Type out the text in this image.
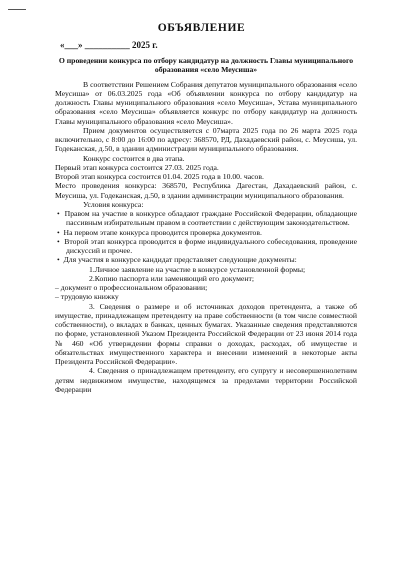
ОБЪЯВЛЕНИЕ
«___» __________ 2025 г.

О проведении конкурса по отбору кандидатур на должность Главы муниципального образования «село Меусиша»

В соответствии Решением Собрания депутатов муниципального образования «село Меусиша» от 06.03.2025 года «Об объявлении конкурса по отбору кандидатур на должность Главы муниципального образования «село Меусиша», Устава муниципального образования «село Меусиша» объявляется конкурс по отбору кандидатур на должность Главы муниципального образования «село Меусиша».

Прием документов осуществляется с 07марта 2025 года по 26 марта 2025 года включительно, с 8:00 до 16:00 по адресу: 368570, РД, Дахадаевский район, с. Меусиша, ул. Годеканская, д.50, в здании администрации муниципального образования.

Конкурс состоится в два этапа.

Первый этап конкурса состоится 27.03. 2025 года.

Второй этап конкурса состоится 01.04. 2025 года в 10.00. часов.

Место проведения конкурса: 368570, Республика Дагестан, Дахадаевский район, с. Меусиша, ул. Годеканская, д.50, в здании администрации муниципального образования.

Условия конкурса:

• Правом на участие в конкурсе обладают граждане Российской Федерации, обладающие пассивным избирательным правом в соответствии с действующим законодательством.

• На первом этапе конкурса проводится проверка документов.

• Второй этап конкурса проводится в форме индивидуального собеседования, проведение дискуссий и прочее.

• Для участия в конкурсе кандидат представляет следующие документы:

1.Личное заявление на участие в конкурсе установленной формы;

2.Копию паспорта или заменяющий его документ;

– документ о профессиональном образовании;

– трудовую книжку

3. Сведения о размере и об источниках доходов претендента, а также об имуществе, принадлежащем претенденту на праве собственности (в том числе совместной собственности), о вкладах в банках, ценных бумагах. Указанные сведения представляются по форме, установленной Указом Президента Российской Федерации от 23 июня 2014 года № 460 «Об утверждении формы справки о доходах, расходах, об имуществе и обязательствах имущественного характера и внесении изменений в некоторые акты Президента Российской Федерации».

4. Сведения о принадлежащем претенденту, его супругу и несовершеннолетним детям недвижимом имуществе, находящемся за пределами территории Российской Федерации
